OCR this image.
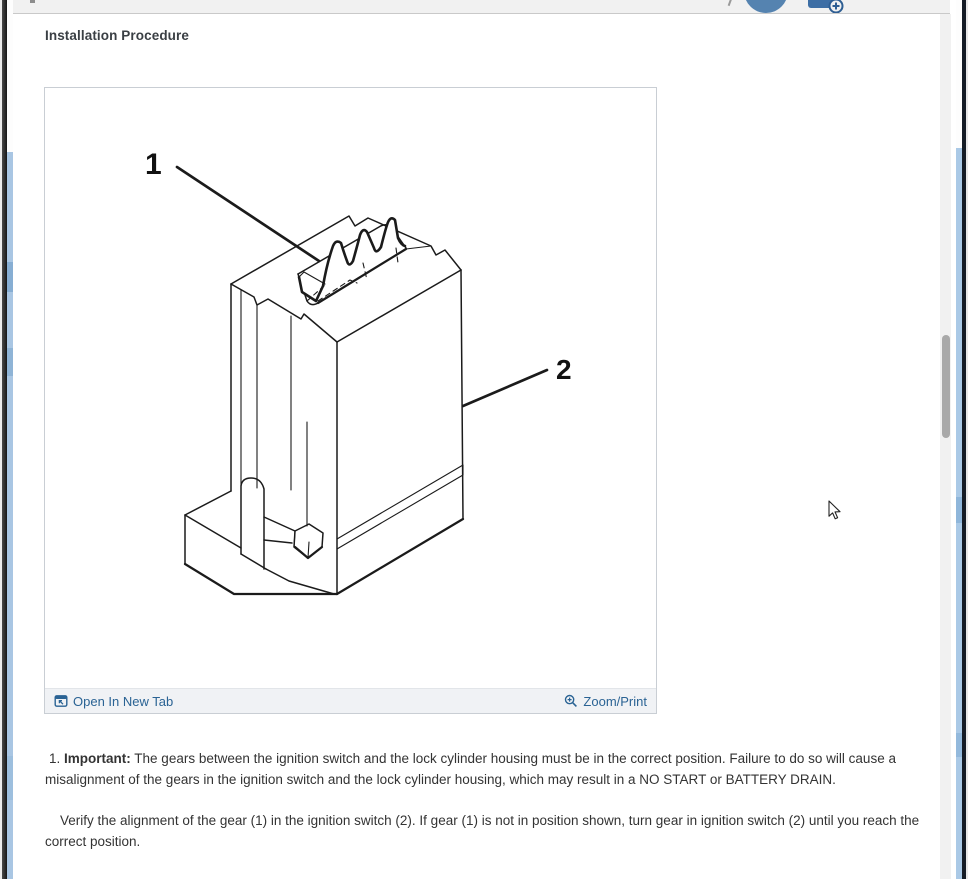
Installation Procedure
1
2
Open In New Tab	Zoom/Print

1. Important: The gears between the ignition switch and the lock cylinder housing must be in the correct position. Failure to do so will cause a misalignment of the gears in the ignition switch and the lock cylinder housing, which may result in a NO START or BATTERY DRAIN.

Verify the alignment of the gear (1) in the ignition switch (2). If gear (1) is not in position shown, turn gear in ignition switch (2) until you reach the correct position.
